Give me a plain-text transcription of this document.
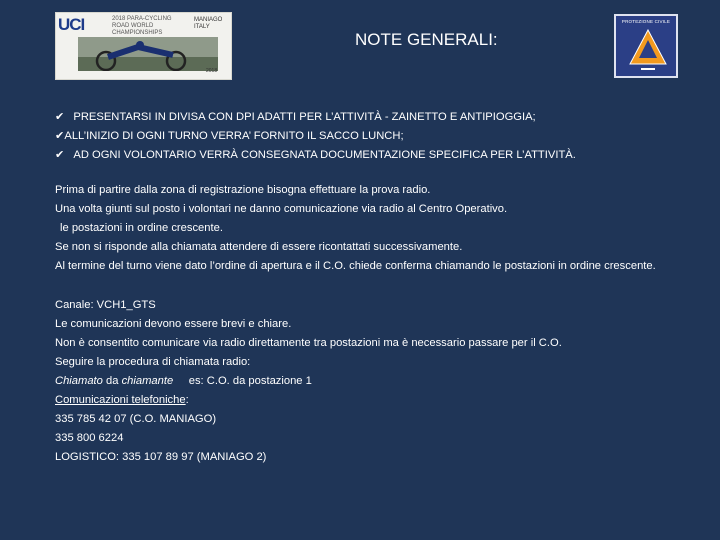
UCI	2018 PARA-CYCLING ROAD WORLD CHAMPIONSHIPS
MANIAGO ITALY
2018
NOTE GENERALI:
PROTEZIONE CIVILE
✔ PRESENTARSI IN DIVISA CON DPI ADATTI PER L’ATTIVITÀ - ZAINETTO E ANTIPIOGGIA;
✔ALL’INIZIO DI OGNI TURNO VERRA’ FORNITO IL SACCO LUNCH;
✔ AD OGNI VOLONTARIO VERRÀ CONSEGNATA DOCUMENTAZIONE SPECIFICA PER L’ATTIVITÀ.
Prima di partire dalla zona di registrazione bisogna effettuare la prova radio.
Una volta giunti sul posto i volontari ne danno comunicazione via radio al Centro Operativo.
le postazioni in ordine crescente.
Se non si risponde alla chiamata attendere di essere ricontattati successivamente.
Al termine del turno viene dato l’ordine di apertura e il C.O. chiede conferma chiamando le postazioni in ordine crescente.
Canale: VCH1_GTS
Le comunicazioni devono essere brevi e chiare.
Non è consentito comunicare via radio direttamente tra postazioni ma è necessario passare per il C.O.
Seguire la procedura di chiamata radio:
Chiamato da chiamante     es: C.O. da postazione 1
Comunicazioni telefoniche:
335 785 42 07 (C.O. MANIAGO)
335 800 6224
LOGISTICO: 335 107 89 97 (MANIAGO 2)
